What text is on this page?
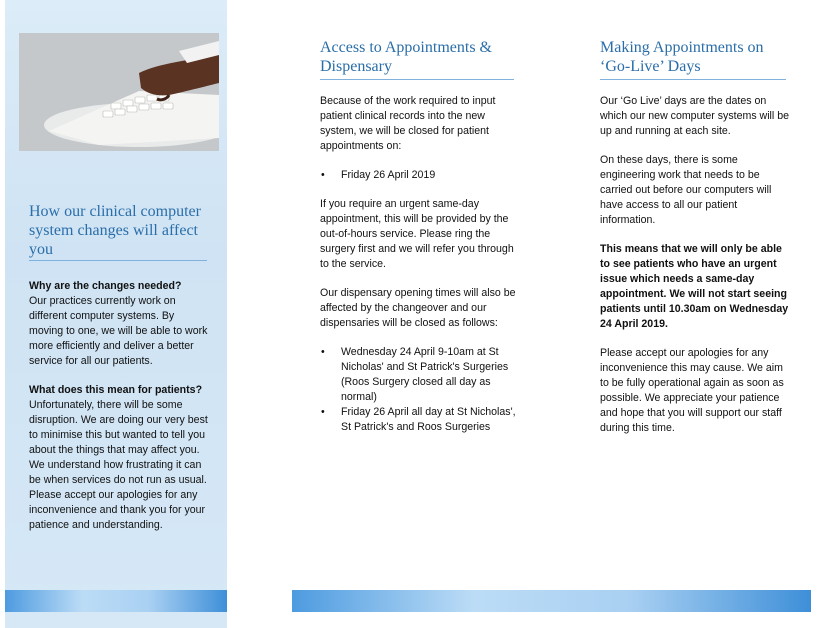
How our clinical computer system changes will affect you

Why are the changes needed?

Our practices currently work on different computer systems. By moving to one, we will be able to work more efficiently and deliver a better service for all our patients.

What does this mean for patients?

Unfortunately, there will be some disruption. We are doing our very best to minimise this but wanted to tell you about the things that may affect you. We understand how frustrating it can be when services do not run as usual. Please accept our apologies for any inconvenience and thank you for your patience and understanding.

Access to Appointments & Dispensary

Because of the work required to input patient clinical records into the new system, we will be closed for patient appointments on:

• Friday 26 April 2019

If you require an urgent same-day appointment, this will be provided by the out-of-hours service. Please ring the surgery first and we will refer you through to the service.

Our dispensary opening times will also be affected by the changeover and our dispensaries will be closed as follows:

• Wednesday 24 April 9-10am at St Nicholas' and St Patrick's Surgeries (Roos Surgery closed all day as normal)
• Friday 26 April all day at St Nicholas', St Patrick's and Roos Surgeries
Making Appointments on ‘Go-Live’ Days

Our ‘Go Live’ days are the dates on which our new computer systems will be up and running at each site.

On these days, there is some engineering work that needs to be carried out before our computers will have access to all our patient information.

This means that we will only be able to see patients who have an urgent issue which needs a same-day appointment. We will not start seeing patients until 10.30am on Wednesday 24 April 2019.

Please accept our apologies for any inconvenience this may cause. We aim to be fully operational again as soon as possible. We appreciate your patience and hope that you will support our staff during this time.
